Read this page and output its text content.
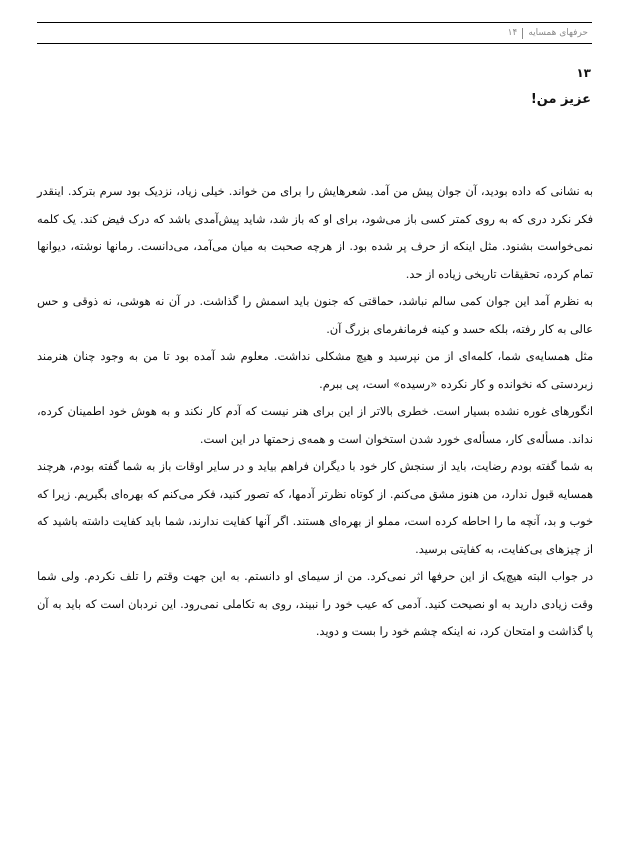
حرفهای همسایه
۱۴
۱۳
عزیز من!

به نشانی که داده بودید، آن جوان پیش من آمد. شعرهایش را برای من خواند. خیلی زیاد، نزدیک بود سرم بترکد. اینقدر فکر نکرد دری که به روی کمتر کسی باز می‌شود، برای او که باز شد، شاید پیش‌آمدی باشد که درک فیض کند. یک کلمه نمی‌خواست بشنود. مثل اینکه از حرف پر شده بود. از هرچه صحبت به میان می‌آمد، می‌دانست. رمانها نوشته، دیوانها تمام کرده، تحقیقات تاریخی زیاده از حد.

به نظرم آمد این جوان کمی سالم نباشد، حماقتی که جنون باید اسمش را گذاشت. در آن نه هوشی، نه ذوقی و حس عالی به کار رفته، بلکه حسد و کینه فرمانفرمای بزرگ آن.

مثل همسایه‌ی شما، کلمه‌ای از من نپرسید و هیچ مشکلی نداشت. معلوم شد آمده بود تا من به وجود چنان هنرمند زبردستی که نخوانده و کار نکرده «رسیده» است، پی ببرم.

انگورهای غوره نشده بسیار است. خطری بالاتر از این برای هنر نیست که آدم کار نکند و به هوش خود اطمینان کرده، نداند. مسأله‌ی کار، مسأله‌ی خورد شدن استخوان است و همه‌ی زحمتها در این است.

به شما گفته بودم رضایت، باید از سنجش کار خود با دیگران فراهم بیاید و در سایر اوقات باز به شما گفته بودم، هرچند همسایه قبول ندارد، من هنوز مشق می‌کنم. از کوتاه نظرتر آدمها، که تصور کنید، فکر می‌کنم که بهره‌ای بگیریم. زیرا که خوب و بد، آنچه ما را احاطه کرده است، مملو از بهره‌ای هستند. اگر آنها کفایت ندارند، شما باید کفایت داشته باشید که از چیزهای بی‌کفایت، به کفایتی برسید.

در جواب البته هیچ‌یک از این حرفها اثر نمی‌کرد. من از سیمای او دانستم. به این جهت وقتم را تلف نکردم. ولی شما وقت زیادی دارید به او نصیحت کنید. آدمی که عیب خود را نبیند، روی به تکاملی نمی‌رود. این نردبان است که باید به آن پا گذاشت و امتحان کرد، نه اینکه چشم خود را بست و دوید.
